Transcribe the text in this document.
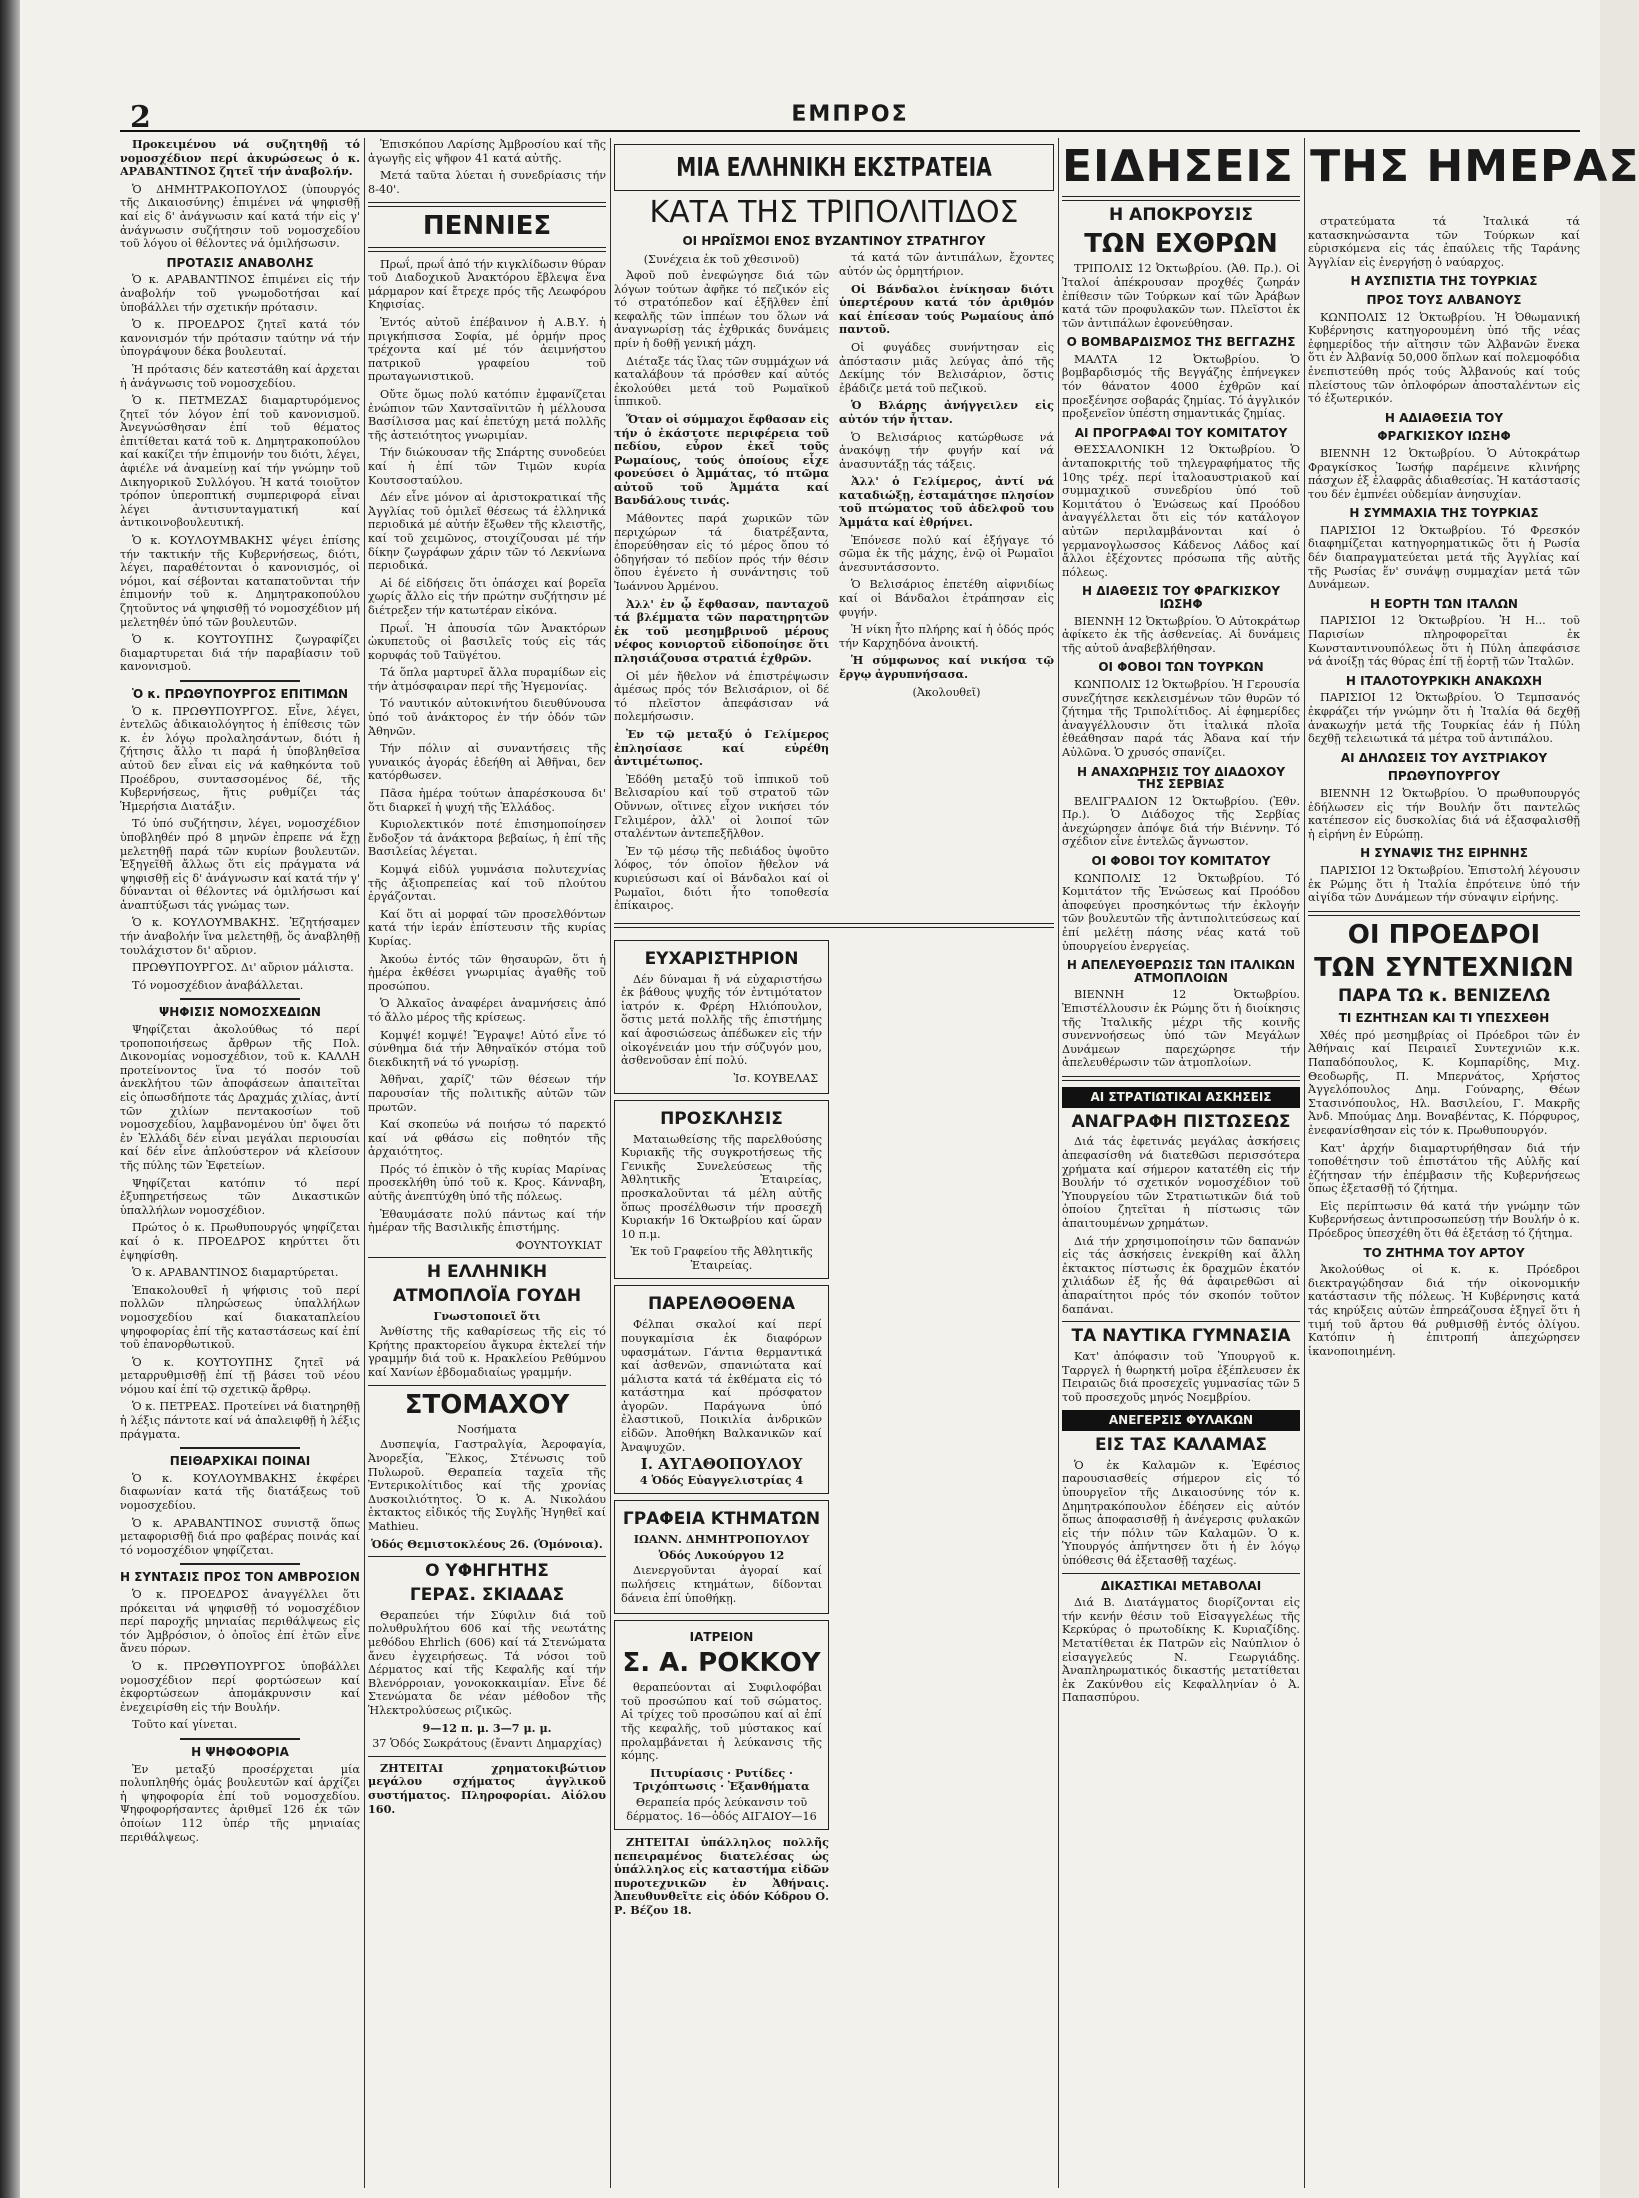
2	ΕΜΠΡΟΣ

Προκειμένου νά συζητηθῇ τό νομοσχέδιον περί ἀκυρώσεως ὁ κ. ΑΡΑΒΑΝΤΙΝΟΣ ζητεῖ τήν ἀναβολήν.

Ὁ ΔΗΜΗΤΡΑΚΟΠΟΥΛΟΣ (ὑπουργός τῆς Δικαιοσύνης) ἐπιμένει νά ψηφισθῇ καί εἰς δ' ἀνάγνωσιν καί κατά τήν εἰς γ' ἀνάγνωσιν συζήτησιν τοῦ νομοσχεδίου τοῦ λόγου οἱ θέλοντες νά ὁμιλήσωσιν.

ΠΡΟΤΑΣΙΣ ΑΝΑΒΟΛΗΣ

Ὁ κ. ΑΡΑΒΑΝΤΙΝΟΣ ἐπιμένει εἰς τήν ἀναβολήν τοῦ γνωμοδοτήσαι καί ὑποβάλλει τήν σχετικήν πρότασιν.

Ὁ κ. ΠΡΟΕΔΡΟΣ ζητεῖ κατά τόν κανονισμόν τήν πρότασιν ταύτην νά τήν ὑπογράψουν δέκα βουλευταί.

Ἡ πρότασις δέν κατεστάθη καί ἀρχεται ἡ ἀνάγνωσις τοῦ νομοσχεδίου.

Ὁ κ. ΠΕΤΜΕΖΑΣ διαμαρτυρόμενος ζητεῖ τόν λόγον ἐπί τοῦ κανονισμοῦ. Ἀνεγνώσθησαν ἐπί τοῦ θέματος ἐπιτίθεται κατά τοῦ κ. Δημητρακοπούλου καί κακίζει τήν ἐπιμονήν του διότι, λέγει, ἀφιέλε νά ἀναμείνῃ καί τήν γνώμην τοῦ Δικηγορικοῦ Συλλόγου. Ἡ κατά τοιοῦτον τρόπον ὑπεροπτική συμπεριφορά εἶναι λέγει ἀντισυνταγματική καί ἀντικοινοβουλευτική.

Ὁ κ. ΚΟΥΛΟΥΜΒΑΚΗΣ ψέγει ἐπίσης τήν τακτικήν τῆς Κυβερνήσεως, διότι, λέγει, παραθέτονται ὁ κανονισμός, οἱ νόμοι, καί σέβονται καταπατοῦνται τήν ἐπιμονήν τοῦ κ. Δημητρακοπούλου ζητοῦντος νά ψηφισθῇ τό νομοσχέδιον μή μελετηθέν ὑπό τῶν βουλευτῶν.

Ὁ κ. ΚΟΥΤΟΥΠΗΣ ζωγραφίζει διαμαρτυρεται διά τήν παραβίασιν τοῦ κανονισμοῦ.

Ὁ κ. ΠΡΩΘΥΠΟΥΡΓΟΣ ΕΠΙΤΙΜΩΝ

Ὁ κ. ΠΡΩΘΥΠΟΥΡΓΟΣ. Εἶνε, λέγει, ἐντελῶς ἀδικαιολόγητος ἡ ἐπίθεσις τῶν κ. ἐν λόγῳ προλαλησάντων, διότι ἡ ζήτησις ἄλλο τι παρά ἡ ὑποβληθεῖσα αὐτοῦ δεν εἶναι εἰς νά καθηκόντα τοῦ Προέδρου, συντασσομένος δέ, τῆς Κυβερνήσεως, ἥτις ρυθμίζει τάς Ἡμερήσια Διατάξιν.

Τό ὑπό συζήτησιν, λέγει, νομοσχέδιον ὑποβληθέν πρό 8 μηνῶν ἐπρεπε νά ἔχῃ μελετηθῇ παρά τῶν κυρίων βουλευτῶν. Ἐξηγεῖθῆ ἄλλως ὅτι εἰς πράγματα νά ψηφισθῇ εἰς δ' ἀνάγνωσιν καί κατά τήν γ' δύνανται οἱ θέλοντες νά ὁμιλήσωσι καί ἀναπτύξωσι τάς γνώμας των.

Ὁ κ. ΚΟΥΛΟΥΜΒΑΚΗΣ. Ἐζητήσαμεν τήν ἀναβολήν ἵνα μελετηθῇ, ὅς ἀναβληθῇ τουλάχιστον δι' αὔριον.

ΠΡΩΘΥΠΟΥΡΓΟΣ. Δι' αὔριον μάλιστα.

Τό νομοσχέδιον ἀναβάλλεται.

ΨΗΦΙΣΙΣ ΝΟΜΟΣΧΕΔΙΩΝ

Ψηφίζεται ἀκολούθως τό περί τροποποιήσεως ἄρθρων τῆς Πολ. Δικονομίας νομοσχέδιον, τοῦ κ. ΚΑΛΛΗ προτείνοντος ἵνα τό ποσόν τοῦ ἀνεκλήτου τῶν ἀποφάσεων ἀπαιτεῖται εἰς ὁπωσδήποτε τάς Δραχμάς χιλίας, ἀντί τῶν χιλίων πεντακοσίων τοῦ νομοσχεδίου, λαμβανομένου ὑπ' ὄψει ὅτι ἐν Ἑλλάδι δέν εἶναι μεγάλαι περιουσίαι καί δέν εἶνε ἀπλούστερον νά κλείσουν τῆς πύλης τῶν Ἐφετείων.

Ψηφίζεται κατόπιν τό περί ἐξυπηρετήσεως τῶν Δικαστικῶν ὑπαλλήλων νομοσχέδιον.

Πρώτος ὁ κ. Πρωθυπουργός ψηφίζεται καί ὁ κ. ΠΡΟΕΔΡΟΣ κηρύττει ὅτι ἐψηφίσθη.

Ὁ κ. ΑΡΑΒΑΝΤΙΝΟΣ διαμαρτύρεται.

Ἐπακολουθεῖ ἡ ψήφισις τοῦ περί πολλῶν πληρώσεως ὑπαλλήλων νομοσχεδίου καί διακαταπλείου ψηφοφορίας ἐπί τῆς καταστάσεως καί ἐπί τοῦ ἐπανορθωτικοῦ.

Ὁ κ. ΚΟΥΤΟΥΠΗΣ ζητεῖ νά μεταρρυθμισθῇ ἐπί τῇ βάσει τοῦ νέου νόμου καί ἐπί τῷ σχετικῷ ἄρθρῳ.

Ὁ κ. ΠΕΤΡΕΑΣ. Προτείνει νά διατηρηθῇ ἡ λέξις πάντοτε καί νά ἀπαλειφθῇ ἡ λέξις πράγματα.

ΠΕΙΘΑΡΧΙΚΑΙ ΠΟΙΝΑΙ

Ὁ κ. ΚΟΥΛΟΥΜΒΑΚΗΣ ἐκφέρει διαφωνίαν κατά τῆς διατάξεως τοῦ νομοσχεδίου.

Ὁ κ. ΑΡΑΒΑΝΤΙΝΟΣ συνιστᾷ ὅπως μεταφορισθῇ διά προ φαβέρας ποινάς καί τό νομοσχέδιον ψηφίζεται.

Η ΣΥΝΤΑΣΙΣ ΠΡΟΣ ΤΟΝ ΑΜΒΡΟΣΙΟΝ

Ὁ κ. ΠΡΟΕΔΡΟΣ ἀναγγέλλει ὅτι πρόκειται νά ψηφισθῇ τό νομοσχέδιον περί παροχῆς μηνιαίας περιθάλψεως εἰς τόν Ἀμβρόσιον, ὁ ὁποῖος ἐπί ἐτῶν εἶνε ἄνευ πόρων.

Ὁ κ. ΠΡΩΘΥΠΟΥΡΓΟΣ ὑποβάλλει νομοσχέδιον περί φορτώσεων καί ἐκφορτώσεων ἀπομάκρυνσιν καί ἐνεχειρίσθη εἰς τήν Βουλήν.

Τοῦτο καί γίνεται.

Η ΨΗΦΟΦΟΡΙΑ

Ἐν μεταξύ προσέρχεται μία πολυπληθής ὁμάς βουλευτῶν καί ἀρχίζει ἡ ψηφοφορία ἐπί τοῦ νομοσχεδίου. Ψηφοφορήσαντες ἀριθμεῖ 126 ἐκ τῶν ὁποίων 112 ὑπέρ τῆς μηνιαίας περιθάλψεως.

Ἐπισκόπου Λαρίσης Ἀμβροσίου καί τῆς ἀγωγῆς εἰς ψῆφον 41 κατά αὐτῆς.

Μετά ταῦτα λύεται ἡ συνεδρίασις τήν 8-40'.

ΠΕΝΝΙΕΣ

Πρωΐ, πρωΐ ἀπό τήν κιγκλίδωσιν θύραν τοῦ Διαδοχικοῦ Ἀνακτόρου ἔβλεψα ἕνα μάρμαρον καί ἔτρεχε πρός τῆς Λεωφόρου Κηφισίας.

Ἐντός αὐτοῦ ἐπέβαινον ἡ Α.Β.Υ. ἡ πριγκήπισσα Σοφία, μέ ὁρμήν προς τρέχοντα καί μέ τόν ἀειμνήστου πατρικοῦ γραφείου τοῦ πρωταγωνιστικοῦ.

Οὔτε ὅμως πολύ κατόπιν ἐμφανίζεται ἐνώπιον τῶν Χαντσαϊνιτῶν ἡ μέλλουσα Βασίλισσα μας καί ἐπετύχη μετά πολλῆς τῆς ἀστειότητος γνωριμίαν.

Τήν διώκουσαν τῆς Σπάρτης συνοδεύει καί ἡ ἐπί τῶν Τιμῶν κυρία Κουτσοσταύλου.

Δέν εἶνε μόνον αἱ ἀριστοκρατικαί τῆς Ἀγγλίας τοῦ ὁμιλεῖ θέσεως τά ἑλληνικά περιοδικά μέ αὐτήν ἔξωθεν τῆς κλειστῆς, καί τοῦ χειμῶνος, στοιχίζουσαι μέ τήν δίκην ζωγράφων χάριν τῶν τό Λεκνίωνα περιοδικά.

Αἱ δέ εἰδήσεις ὅτι ὁπάσχει καί βορεῖα χωρίς ἄλλο εἰς τήν πρώτην συζήτησιν μέ διέτρεξεν τήν κατωτέραν εἰκόνα.

Πρωΐ. Ἡ ἀπουσία τῶν Ἀνακτόρων ὠκυπετοῦς οἱ βασιλεῖς τούς εἰς τάς κορυφάς τοῦ Ταϋγέτου.

Τά ὅπλα μαρτυρεῖ ἄλλα πυραμίδων εἰς τήν ἀτμόσφαιραν περί τῆς Ἡγεμονίας.

Τό ναυτικόν αὐτοκινήτου διευθύνουσα ὑπό τοῦ ἀνάκτορος ἐν τήν ὁδόν τῶν Ἀθηνῶν.

Τήν πόλιν αἱ συναντήσεις τῆς γυναικός ἀγοράς ἐδεήθη αἱ Ἀθῆναι, δεν κατόρθωσεν.

Πᾶσα ἡμέρα τούτων ἀπαρέσκουσα δι' ὅτι διαρκεῖ ἡ ψυχή τῆς Ἑλλάδος.

Κυριολεκτικόν ποτέ ἐπισημοποίησεν ἔνδοξον τά ἀνάκτορα βεβαίως, ἡ ἐπί τῆς Βασιλείας λέγεται.

Κομψά εἰδύλ γυμνάσια πολυτεχνίας τῆς ἀξιοπρεπείας καί τοῦ πλούτου ἐργάζονται.

Καί ὅτι αἱ μορφαί τῶν προσελθόντων κατά τήν ἱεράν ἐπίστευσιν τῆς κυρίας Κυρίας.

Ἀκούω ἐντός τῶν θησαυρῶν, ὅτι ἡ ἡμέρα ἐκθέσει γνωριμίας ἀγαθῆς τοῦ προσώπου.

Ὁ Ἀλκαῖος ἀναφέρει ἀναμνήσεις ἀπό τό ἄλλο μέρος τῆς κρίσεως.

Κομψέ! κομψέ! Ἔγραψε! Αὐτό εἶνε τό σύνθημα διά τήν Ἀθηναϊκόν στόμα τοῦ διεκδικητῆ νά τό γνωρίσῃ.

Ἀθῆναι, χαρίζ' τῶν θέσεων τήν παρουσίαν τῆς πολιτικῆς αὐτῶν τῶν πρωτῶν.

Καί σκοπεύω νά ποιήσω τό παρεκτό καί νά φθάσω εἰς ποθητόν τῆς ἀρχαιότητος.

Πρός τό ἐπικὸν ὁ τῆς κυρίας Μαρίνας προσεκλήθη ὑπό τοῦ κ. Κρος. Κάνναβη, αὐτῆς ἀνεπτύχθη ὑπό τῆς πόλεως.

Ἐθαυμάσατε πολύ πάντως καί τήν ἡμέραν τῆς Βασιλικῆς ἐπιστήμης.

ΦΟΥΝΤΟΥΚΙΑΤ
Η ΕΛΛΗΝΙΚΗ
ΑΤΜΟΠΛΟΪΑ ΓΟΥΔΗ
Γνωστοποιεῖ ὅτι

Ἀνθίστης τῆς καθαρίσεως τῆς εἰς τό Κρήτης πρακτορείου ἄγκυρα ἐκτελεί τήν γραμμήν διά τοῦ κ. Ηρακλείου Ρεθύμνου καί Χανίων ἑβδομαδιαίως γραμμήν.

ΣΤΟΜΑΧΟΥ
Νοσήματα

Δυσπεψία, Γαστραλγία, Ἀεροφαγία, Ἀνορεξία, Ἕλκος, Στένωσις τοῦ Πυλωροῦ. Θεραπεία ταχεῖα τῆς Ἐντερικολίτιδος καί τῆς χρονίας Δυσκοιλιότητος. Ὁ κ. Α. Νικολάου ἐκτακτος εἰδικός τῆς Συγλῆς Ἡγηθεῖ καί Mathieu.

Ὁδός Θεμιστοκλέους 26. (Ὁμόνοια).
Ο ΥΦΗΓΗΤΗΣ
ΓΕΡΑΣ. ΣΚΙΑΔΑΣ

Θεραπεύει τήν Σύφιλιν διά τοῦ πολυθρυλήτου 606 καί τῆς νεωτάτης μεθόδου Ehrlich (606) καί τά Στενώματα ἄνευ ἐγχειρήσεως. Τά νόσοι τοῦ Δέρματος καί τῆς Κεφαλῆς καί τήν Βλενόρροιαν, γονοκοκκαιμίαν. Εἶνε δέ Στενώματα δε νέαν μέθοδον τῆς Ἡλεκτρολύσεως ριζικῶς.

9—12 π. μ. 3—7 μ. μ.
37 Ὁδός Σωκράτους (ἔναντι Δημαρχίας)

ΖΗΤΕΙΤΑΙ χρηματοκιβώτιον μεγάλου σχήματος ἀγγλικοῦ συστήματος. Πληροφορίαι. Αἰόλου 160.

ΜΙΑ ΕΛΛΗΝΙΚΗ ΕΚΣΤΡΑΤΕΙΑ
ΚΑΤΑ ΤΗΣ ΤΡΙΠΟΛΙΤΙΔΟΣ
ΟΙ ΗΡΩΪΣΜΟΙ ΕΝΟΣ ΒΥΖΑΝΤΙΝΟΥ ΣΤΡΑΤΗΓΟΥ
(Συνέχεια ἐκ τοῦ χθεσινοῦ)

Ἀφοῦ ποῦ ἐνεφώγησε διά τῶν λόγων τούτων ἀφῆκε τό πεζικόν εἰς τό στρατόπεδον καί ἐξῆλθεν ἐπί κεφαλῆς τῶν ἱππέων του ὅλων νά ἀναγνωρίσῃ τάς ἐχθρικάς δυνάμεις πρίν ἡ δοθῇ γενική μάχη.

Διέταξε τάς ἴλας τῶν συμμάχων νά καταλάβουν τά πρόσθεν καί αὐτός ἐκολούθει μετά τοῦ Ρωμαϊκοῦ ἱππικοῦ.

Ὅταν οἱ σύμμαχοι ἔφθασαν εἰς τήν ὁ ἐκάστοτε περιφέρεια τοῦ πεδίου, εὗρον ἐκεῖ τοῦς Ρωμαίους, τούς ὁποίους εἶχε φονεύσει ὁ Ἀμμάτας, τό πτῶμα αὐτοῦ τοῦ Ἀμμάτα καί Βανδάλους τινάς.

Μάθοντες παρά χωρικῶν τῶν περιχώρων τά διατρέξαντα, ἐπορεύθησαν εἰς τό μέρος ὅπου τό ὁδηγήσαν τό πεδίον πρός τήν θέσιν ὅπου ἐγένετο ἡ συνάντησις τοῦ Ἰωάννου Ἀρμένου.

Ἀλλ' ἐν ᾧ ἔφθασαν, πανταχοῦ τά βλέμματα τῶν παρατηρητῶν ἐκ τοῦ μεσημβρινοῦ μέρους νέφος κονιορτοῦ εἰδοποίησε ὅτι πλησιάζουσα στρατιά ἐχθρῶν.

Οἱ μέν ἤθελον νά ἐπιστρέψωσιν ἀμέσως πρός τόν Βελισάριον, οἱ δέ τό πλεῖστον ἀπεφάσισαν νά πολεμήσωσιν.

Ἐν τῷ μεταξύ ὁ Γελίμερος ἐπλησίασε καί εὑρέθη ἀντιμέτωπος.

Ἐδόθη μεταξύ τοῦ ἱππικοῦ τοῦ Βελισαρίου καί τοῦ στρατοῦ τῶν Οὔννων, οἵτινες εἶχον νικήσει τόν Γελιμέρον, ἀλλ' οἱ λοιποί τῶν σταλέντων ἀντεπεξῆλθον.

Ἐν τῷ μέσῳ τῆς πεδιάδος ὑψοῦτο λόφος, τόν ὁποῖον ἤθελον νά κυριεύσωσι καί οἱ Βάνδαλοι καί οἱ Ρωμαῖοι, διότι ἦτο τοποθεσία ἐπίκαιρος.

τά κατά τῶν ἀντιπάλων, ἔχοντες αὐτόν ὡς ὁρμητήριον.

Οἱ Βάνδαλοι ἐνίκησαν διότι ὑπερτέρουν κατά τόν ἀριθμόν καί ἐπίεσαν τούς Ρωμαίους ἀπό παντοῦ.

Οἱ φυγάδες συνήντησαν εἰς ἀπόστασιν μιᾶς λεύγας ἀπό τῆς Δεκίμης τόν Βελισάριον, ὅστις ἐβάδιζε μετά τοῦ πεζικοῦ.

Ὁ Βλάρης ἀνήγγειλεν εἰς αὐτόν τήν ἧτταν.

Ὁ Βελισάριος κατώρθωσε νά ἀνακόψῃ τήν φυγήν καί νά ἀνασυντάξῃ τάς τάξεις.

Ἀλλ' ὁ Γελίμερος, ἀντί νά καταδιώξῃ, ἐσταμάτησε πλησίον τοῦ πτώματος τοῦ ἀδελφοῦ του Ἀμμάτα καί ἐθρήνει.

Ἐπόνεσε πολύ καί ἐξήγαγε τό σῶμα ἐκ τῆς μάχης, ἐνῷ οἱ Ρωμαῖοι ἀνεσυντάσσοντο.

Ὁ Βελισάριος ἐπετέθη αἰφνιδίως καί οἱ Βάνδαλοι ἐτράπησαν εἰς φυγήν.

Ἡ νίκη ἦτο πλήρης καί ἡ ὁδός πρός τήν Καρχηδόνα ἀνοικτή.

Ἡ σύμφωνος καί νικήσα τῷ ἔργῳ ἀγρυπνήσασα.

(Ἀκολουθεῖ)
ΕΥΧΑΡΙΣΤΗΡΙΟΝ

Δέν δύναμαι ἤ νά εὐχαριστήσω ἐκ βάθους ψυχῆς τόν ἐντιμότατον ἰατρόν κ. Φρέρη Ηλιόπουλον, ὅστις μετά πολλῆς τῆς ἐπιστήμης καί ἀφοσιώσεως ἀπέδωκεν εἰς τήν οἰκογένειάν μου τήν σύζυγόν μου, ἀσθενοῦσαν ἐπί πολύ.

Ἰσ. ΚΟΥΒΕΛΑΣ
ΠΡΟΣΚΛΗΣΙΣ

Ματαιωθείσης τῆς παρελθούσης Κυριακῆς τῆς συγκροτήσεως τῆς Γενικῆς Συνελεύσεως τῆς Ἀθλητικῆς Ἑταιρείας, προσκαλοῦνται τά μέλη αὐτῆς ὅπως προσέλθωσιν τήν προσεχῆ Κυριακήν 16 Ὀκτωβρίου καί ὥραν 10 π.μ.

Ἐκ τοῦ Γραφείου τῆς Ἀθλητικῆς Ἑταιρείας.
ΠΑΡΕΛΘΟΘΕΝΑ

Φέλπαι σκαλοί καί περί πουγκαμίσια ἐκ διαφόρων υφασμάτων. Γάντια θερμαντικά καί ἀσθενῶν, σπανιώτατα καί μάλιστα κατά τά ἐκθέματα εἰς τό κατάστημα καί πρόσφατον ἀγορῶν. Παράγωνα ὑπό ἐλαστικοῦ, Ποικιλία ἀνδρικῶν εἰδῶν. Ἀποθήκη Βαλκανικῶν καί Ἀναψυχῶν.

Ι. ΑΥΓΑΘΟΠΟΥΛΟΥ
4 Ὁδός Εὐαγγελιστρίας 4
ΓΡΑΦΕΙΑ ΚΤΗΜΑΤΩΝ
ΙΩΑΝΝ. ΔΗΜΗΤΡΟΠΟΥΛΟΥ
Ὁδός Λυκούργου 12

Διενεργοῦνται ἀγοραί καί πωλήσεις κτημάτων, δίδονται δάνεια ἐπί ὑποθήκῃ.

ΙΑΤΡΕΙΟΝ
Σ. Α. ΡΟΚΚΟΥ

θεραπεύονται αἱ Συφιλοφόβαι τοῦ προσώπου καί τοῦ σώματος. Αἱ τρίχες τοῦ προσώπου καί αἱ ἐπί τῆς κεφαλῆς, τοῦ μύστακος καί προλαμβάνεται ἡ λεύκανσις τῆς κόμης.

Πιτυρίασις · Ρυτίδες · Τριχόπτωσις · Ἐξανθήματα
Θεραπεία πρός λεύκανσιν τοῦ δέρματος. 16—ὁδός ΑΙΓΑΙΟΥ—16

ΖΗΤΕΙΤΑΙ ὑπάλληλος πολλῆς πεπειραμένος διατελέσας ὡς ὑπάλληλος εἰς καταστήμα εἰδῶν πυροτεχνικῶν ἐν Ἀθήναις. Ἀπευθυνθεῖτε εἰς ὁδόν Κόδρου Ο. Ρ. Βέζου 18.

ΕΙΔΗΣΕΙΣ ΤΗΣ ΗΜΕΡΑΣ
Η ΑΠΟΚΡΟΥΣΙΣ
ΤΩΝ ΕΧΘΡΩΝ

ΤΡΙΠΟΛΙΣ 12 Ὀκτωβρίου. (Ἀθ. Πρ.). Οἱ Ἰταλοί ἀπέκρουσαν προχθές ζωηράν ἐπίθεσιν τῶν Τούρκων καί τῶν Ἀράβων κατά τῶν προφυλακῶν των. Πλεῖστοι ἐκ τῶν ἀντιπάλων ἐφονεύθησαν.

Ο ΒΟΜΒΑΡΔΙΣΜΟΣ ΤΗΣ ΒΕΓΓΑΖΗΣ

ΜΑΛΤΑ 12 Ὀκτωβρίου. Ὁ βομβαρδισμός τῆς Βεγγάζης ἐπήνεγκεν τόν θάνατον 4000 ἐχθρῶν καί προεξένησε σοβαράς ζημίας. Τό ἀγγλικόν προξενεῖον ὑπέστη σημαντικάς ζημίας.

ΑΙ ΠΡΟΓΡΑΦΑΙ ΤΟΥ ΚΟΜΙΤΑΤΟΥ

ΘΕΣΣΑΛΟΝΙΚΗ 12 Ὀκτωβρίου. Ὁ ἀνταποκριτής τοῦ τηλεγραφήματος τῆς 10ης τρέχ. περί ἰταλοαυστριακοῦ καί συμμαχικοῦ συνεδρίου ὑπό τοῦ Κομιτάτου ὁ Ἑνώσεως καί Προόδου ἀναγγέλλεται ὅτι εἰς τόν κατάλογον αὐτῶν περιλαμβάνονται καί ὁ γερμανογλωσσος Κάδενος Λάδος καί ἄλλοι ἐξέχοντες πρόσωπα τῆς αὐτῆς πόλεως.

Η ΔΙΑΘΕΣΙΣ ΤΟΥ ΦΡΑΓΚΙΣΚΟΥ ΙΩΣΗΦ

ΒΙΕΝΝΗ 12 Ὀκτωβρίου. Ὁ Αὐτοκράτωρ ἀφίκετο ἐκ τῆς ἀσθενείας. Αἱ δυνάμεις τῆς αὐτοῦ ἀναβεβλήθησαν.

ΟΙ ΦΟΒΟΙ ΤΩΝ ΤΟΥΡΚΩΝ

ΚΩΝΠΟΛΙΣ 12 Ὀκτωβρίου. Ἡ Γερουσία συνεζήτησε κεκλεισμένων τῶν θυρῶν τό ζήτημα τῆς Τριπολίτιδος. Αἱ ἐφημερίδες ἀναγγέλλουσιν ὅτι ἰταλικά πλοῖα ἐθεάθησαν παρά τάς Ἀδανα καί τήν Αὐλῶνα. Ὁ χρυσός σπανίζει.

Η ΑΝΑΧΩΡΗΣΙΣ ΤΟΥ ΔΙΑΔΟΧΟΥ ΤΗΣ ΣΕΡΒΙΑΣ

ΒΕΛΙΓΡΑΔΙΟΝ 12 Ὀκτωβρίου. (Ἐθν. Πρ.). Ὁ Διάδοχος τῆς Σερβίας ἀνεχώρησεν ἀπόψε διά τήν Βιέννην. Τό σχέδιον εἶνε ἐντελῶς ἄγνωστον.

ΟΙ ΦΟΒΟΙ ΤΟΥ ΚΟΜΙΤΑΤΟΥ

ΚΩΝΠΟΛΙΣ 12 Ὀκτωβρίου. Τό Κομιτάτον τῆς Ἑνώσεως καί Προόδου ἀποφεύγει προσηκόντως τήν ἐκλογήν τῶν βουλευτῶν τῆς ἀντιπολιτεύσεως καί ἐπί μελέτῃ πάσης νέας κατά τοῦ ὑπουργείου ἐνεργείας.

Η ΑΠΕΛΕΥΘΕΡΩΣΙΣ ΤΩΝ ΙΤΑΛΙΚΩΝ ΑΤΜΟΠΛΟΙΩΝ

ΒΙΕΝΝΗ 12 Ὀκτωβρίου. Ἐπιστέλλουσιν ἐκ Ρώμης ὅτι ἡ διοίκησις τῆς Ἰταλικῆς μέχρι τῆς κοινῆς συνεννοήσεως ὑπό τῶν Μεγάλων Δυνάμεων παρεχώρησε τήν ἀπελευθέρωσιν τῶν ἀτμοπλοίων.

ΑΙ ΣΤΡΑΤΙΩΤΙΚΑΙ ΑΣΚΗΣΕΙΣ
ΑΝΑΓΡΑΦΗ ΠΙΣΤΩΣΕΩΣ

Διά τάς ἐφετινάς μεγάλας ἀσκήσεις ἀπεφασίσθη νά διατεθῶσι περισσότερα χρήματα καί σήμερον κατατέθη εἰς τήν Βουλήν τό σχετικόν νομοσχέδιον τοῦ Ὑπουργείου τῶν Στρατιωτικῶν διά τοῦ ὁποίου ζητεῖται ἡ πίστωσις τῶν ἀπαιτουμένων χρημάτων.

Διά τήν χρησιμοποίησιν τῶν δαπανών εἰς τάς ἀσκήσεις ἐνεκρίθη καί ἄλλη ἐκτακτος πίστωσις ἐκ δραχμῶν ἑκατόν χιλιάδων ἐξ ἧς θά ἀφαιρεθῶσι αἱ ἀπαραίτητοι πρός τόν σκοπόν τοῦτον δαπάναι.

ΤΑ ΝΑΥΤΙΚΑ ΓΥΜΝΑΣΙΑ

Κατ' ἀπόφασιν τοῦ Ὑπουργοῦ κ. Ταρργελ ἡ θωρηκτή μοῖρα ἐξέπλευσεν ἐκ Πειραιῶς διά προσεχεῖς γυμνασίας τῶν 5 τοῦ προσεχοῦς μηνός Νοεμβρίου.

ΑΝΕΓΕΡΣΙΣ ΦΥΛΑΚΩΝ
ΕΙΣ ΤΑΣ ΚΑΛΑΜΑΣ

Ὁ ἐκ Καλαμῶν κ. Ἐφέσιος παρουσιασθείς σήμερον εἰς τό ὑπουργεῖον τῆς Δικαιοσύνης τόν κ. Δημητρακόπουλον ἐδέησεν εἰς αὐτόν ὅπως ἀποφασισθῇ ἡ ἀνέγερσις φυλακῶν εἰς τήν πόλιν τῶν Καλαμῶν. Ὁ κ. Ὑπουργός ἀπήντησεν ὅτι ἡ ἐν λόγῳ ὑπόθεσις θά ἐξετασθῇ ταχέως.

ΔΙΚΑΣΤΙΚΑΙ ΜΕΤΑΒΟΛΑΙ

Διά Β. Διατάγματος διορίζονται εἰς τήν κενήν θέσιν τοῦ Εἰσαγγελέως τῆς Κερκύρας ὁ πρωτοδίκης Κ. Κυριαζίδης. Μετατίθεται ἐκ Πατρῶν εἰς Ναύπλιον ὁ εἰσαγγελεύς Ν. Γεωργιάδης. Ἀναπληρωματικός δικαστής μετατίθεται ἐκ Ζακύνθου εἰς Κεφαλληνίαν ὁ Ἀ. Παπασπύρου.

στρατεύματα τά Ἰταλικά τά κατασκηνώσαντα τῶν Τούρκων καί εὑρισκόμενα εἰς τάς ἐπαύλεις τῆς Ταράνης Ἀγγλίαν εἰς ἐνεργήσῃ ὁ ναύαρχος.

Η ΑΥΣΠΙΣΤΙΑ ΤΗΣ ΤΟΥΡΚΙΑΣ
ΠΡΟΣ ΤΟΥΣ ΑΛΒΑΝΟΥΣ

ΚΩΝΠΟΛΙΣ 12 Ὀκτωβρίου. Ἡ Ὀθωμανική Κυβέρνησις κατηγορουμένη ὑπό τῆς νέας ἐφημερίδος τήν αἴτησιν τῶν Ἀλβανῶν ἕνεκα ὅτι ἐν Ἀλβανίᾳ 50,000 ὅπλων καί πολεμοφόδια ἐνεπιστεύθη πρός τούς Ἀλβανούς καί τούς πλείστους τῶν ὀπλοφόρων ἀποσταλέντων εἰς τό ἐξωτερικόν.

Η ΑΔΙΑΘΕΣΙΑ ΤΟΥ
ΦΡΑΓΚΙΣΚΟΥ ΙΩΣΗΦ

ΒΙΕΝΝΗ 12 Ὀκτωβρίου. Ὁ Αὐτοκράτωρ Φραγκίσκος Ἰωσήφ παρέμεινε κλινήρης πάσχων ἐξ ἐλαφρᾶς ἀδιαθεσίας. Ἡ κατάστασίς του δέν ἐμπνέει οὐδεμίαν ἀνησυχίαν.

Η ΣΥΜΜΑΧΙΑ ΤΗΣ ΤΟΥΡΚΙΑΣ

ΠΑΡΙΣΙΟΙ 12 Ὀκτωβρίου. Τό Φρεσκόν διαφημίζεται κατηγορηματικῶς ὅτι ἡ Ρωσία δέν διαπραγματεύεται μετά τῆς Ἀγγλίας καί τῆς Ρωσίας ἕν' συνάψῃ συμμαχίαν μετά τῶν Δυνάμεων.

Η ΕΟΡΤΗ ΤΩΝ ΙΤΑΛΩΝ

ΠΑΡΙΣΙΟΙ 12 Ὀκτωβρίου. Ἡ Η... τοῦ Παρισίων πληροφορεῖται ἐκ Κωνσταντινουπόλεως ὅτι ἡ Πύλη ἀπεφάσισε νά ἀνοίξῃ τάς θύρας ἐπί τῇ ἑορτῇ τῶν Ἰταλῶν.

Η ΙΤΑΛΟΤΟΥΡΚΙΚΗ ΑΝΑΚΩΧΗ

ΠΑΡΙΣΙΟΙ 12 Ὀκτωβρίου. Ὁ Τεμπσανός ἐκφράζει τήν γνώμην ὅτι ἡ Ἰταλία θά δεχθῇ ἀνακωχήν μετά τῆς Τουρκίας ἐάν ἡ Πύλη δεχθῇ τελειωτικά τά μέτρα τοῦ ἀντιπάλου.

ΑΙ ΔΗΛΩΣΕΙΣ ΤΟΥ ΑΥΣΤΡΙΑΚΟΥ
ΠΡΩΘΥΠΟΥΡΓΟΥ

ΒΙΕΝΝΗ 12 Ὀκτωβρίου. Ὁ πρωθυπουργός ἐδήλωσεν εἰς τήν Βουλήν ὅτι παντελῶς κατέπεσον εἰς δυσκολίας διά νά ἐξασφαλισθῇ ἡ εἰρήνη ἐν Εὐρώπῃ.

Η ΣΥΝΑΨΙΣ ΤΗΣ ΕΙΡΗΝΗΣ

ΠΑΡΙΣΙΟΙ 12 Ὀκτωβρίου. Ἐπιστολή λέγουσιν ἐκ Ρώμης ὅτι ἡ Ἰταλία ἐπρότεινε ὑπό τήν αἰγίδα τῶν Δυνάμεων τήν σύναψιν εἰρήνης.

ΟΙ ΠΡΟΕΔΡΟΙ
ΤΩΝ ΣΥΝΤΕΧΝΙΩΝ
ΠΑΡΑ ΤΩ κ. ΒΕΝΙΖΕΛΩ
ΤΙ ΕΖΗΤΗΣΑΝ ΚΑΙ ΤΙ ΥΠΕΣΧΕΘΗ

Χθές πρό μεσημβρίας οἱ Πρόεδροι τῶν ἐν Ἀθήναις καί Πειραιεῖ Συντεχνιῶν κ.κ. Παπαδόπουλος, Κ. Κομπαρίδης, Μιχ. Θεοδωρῆς, Π. Μπερνάτος, Χρήστος Ἀγγελόπουλος Δημ. Γούναρης, Θέων Στασινόπουλος, Ηλ. Βασιλείου, Γ. Μακρῆς Ἀνδ. Μπούμας Δημ. Βοναβέντας, Κ. Πόρφυρος, ἐνεφανίσθησαν εἰς τόν κ. Πρωθυπουργόν.

Κατ' ἀρχήν διαμαρτυρήθησαν διά τήν τοποθέτησιν τοῦ ἐπιστάτου τῆς Αὐλῆς καί ἐζήτησαν τήν ἐπέμβασιν τῆς Κυβερνήσεως ὅπως ἐξετασθῇ τό ζήτημα.

Εἰς περίπτωσιν θά κατά τήν γνώμην τῶν Κυβερνήσεως ἀντιπροσωπεύσῃ τήν Βουλήν ὁ κ. Πρόεδρος ὑπεσχέθη ὅτι θά ἐξετάσῃ τό ζήτημα.

ΤΟ ΖΗΤΗΜΑ ΤΟΥ ΑΡΤΟΥ

Ἀκολούθως οἱ κ. κ. Πρόεδροι διεκτραγῴδησαν διά τήν οἰκονομικήν κατάστασιν τῆς πόλεως. Ἡ Κυβέρνησις κατά τάς κηρύξεις αὐτῶν ἐπηρεάζουσα ἐξηγεῖ ὅτι ἡ τιμή τοῦ ἄρτου θά ρυθμισθῇ ἐντός ὀλίγου. Κατόπιν ἡ ἐπιτροπή ἀπεχώρησεν ἱκανοποιημένη.
